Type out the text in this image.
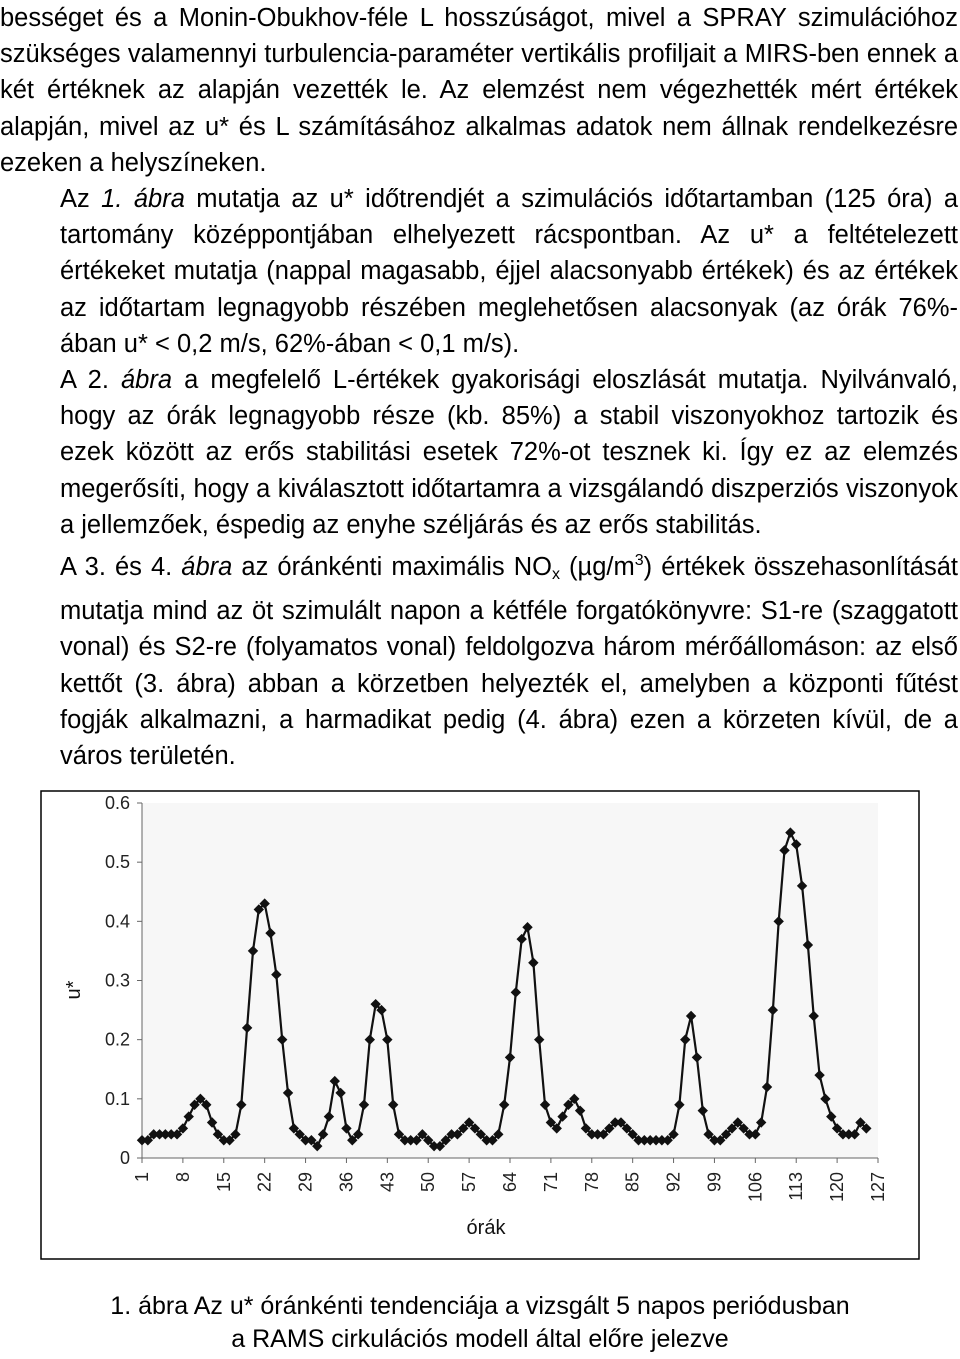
bességet és a Monin-Obukhov-féle L hosszúságot, mivel a SPRAY szimulációhoz szükséges valamennyi turbulencia-paraméter vertikális profiljait a MIRS-ben ennek a két értéknek az alapján vezették le. Az elemzést nem végezhették mért értékek alapján, mivel az u* és L számításához alkalmas adatok nem állnak rendelkezésre ezeken a helyszíneken.

Az 1. ábra mutatja az u* időtrendjét a szimulációs időtartamban (125 óra) a tartomány középpontjában elhelyezett rácspontban. Az u* a feltételezett értékeket mutatja (nappal magasabb, éjjel alacsonyabb értékek) és az értékek az időtartam legnagyobb részében meglehetősen alacsonyak (az órák 76%-ában u* < 0,2 m/s, 62%-ában < 0,1 m/s).

A 2. ábra a megfelelő L-értékek gyakorisági eloszlását mutatja. Nyilvánvaló, hogy az órák legnagyobb része (kb. 85%) a stabil viszonyokhoz tartozik és ezek között az erős stabilitási esetek 72%-ot tesznek ki. Így ez az elemzés megerősíti, hogy a kiválasztott időtartamra a vizsgálandó diszperziós viszonyok a jellemzőek, éspedig az enyhe széljárás és az erős stabilitás.

A 3. és 4. ábra az óránkénti maximális $NO_x$ $(\mu g/m^3)$ értékek összehasonlítását mutatja mind az öt szimulált napon a kétféle forgatókönyvre: S1-re (szaggatott vonal) és S2-re (folyamatos vonal) feldolgozva három mérőállomáson: az első kettőt (3. ábra) abban a körzetben helyezték el, amelyben a központi fűtést fogják alkalmazni, a harmadikat pedig (4. ábra) ezen a körzeten kívül, de a város területén.

0
0.1
0.2
0.3
0.4
0.5
0.6
1 8 15 22 29 36 43 50 57 64 71 78 85 92 99 106 113 120 127
u*
órák
1. ábra Az u* óránkénti tendenciája a vizsgált 5 napos periódusban
a RAMS cirkulációs modell által előre jelezve
